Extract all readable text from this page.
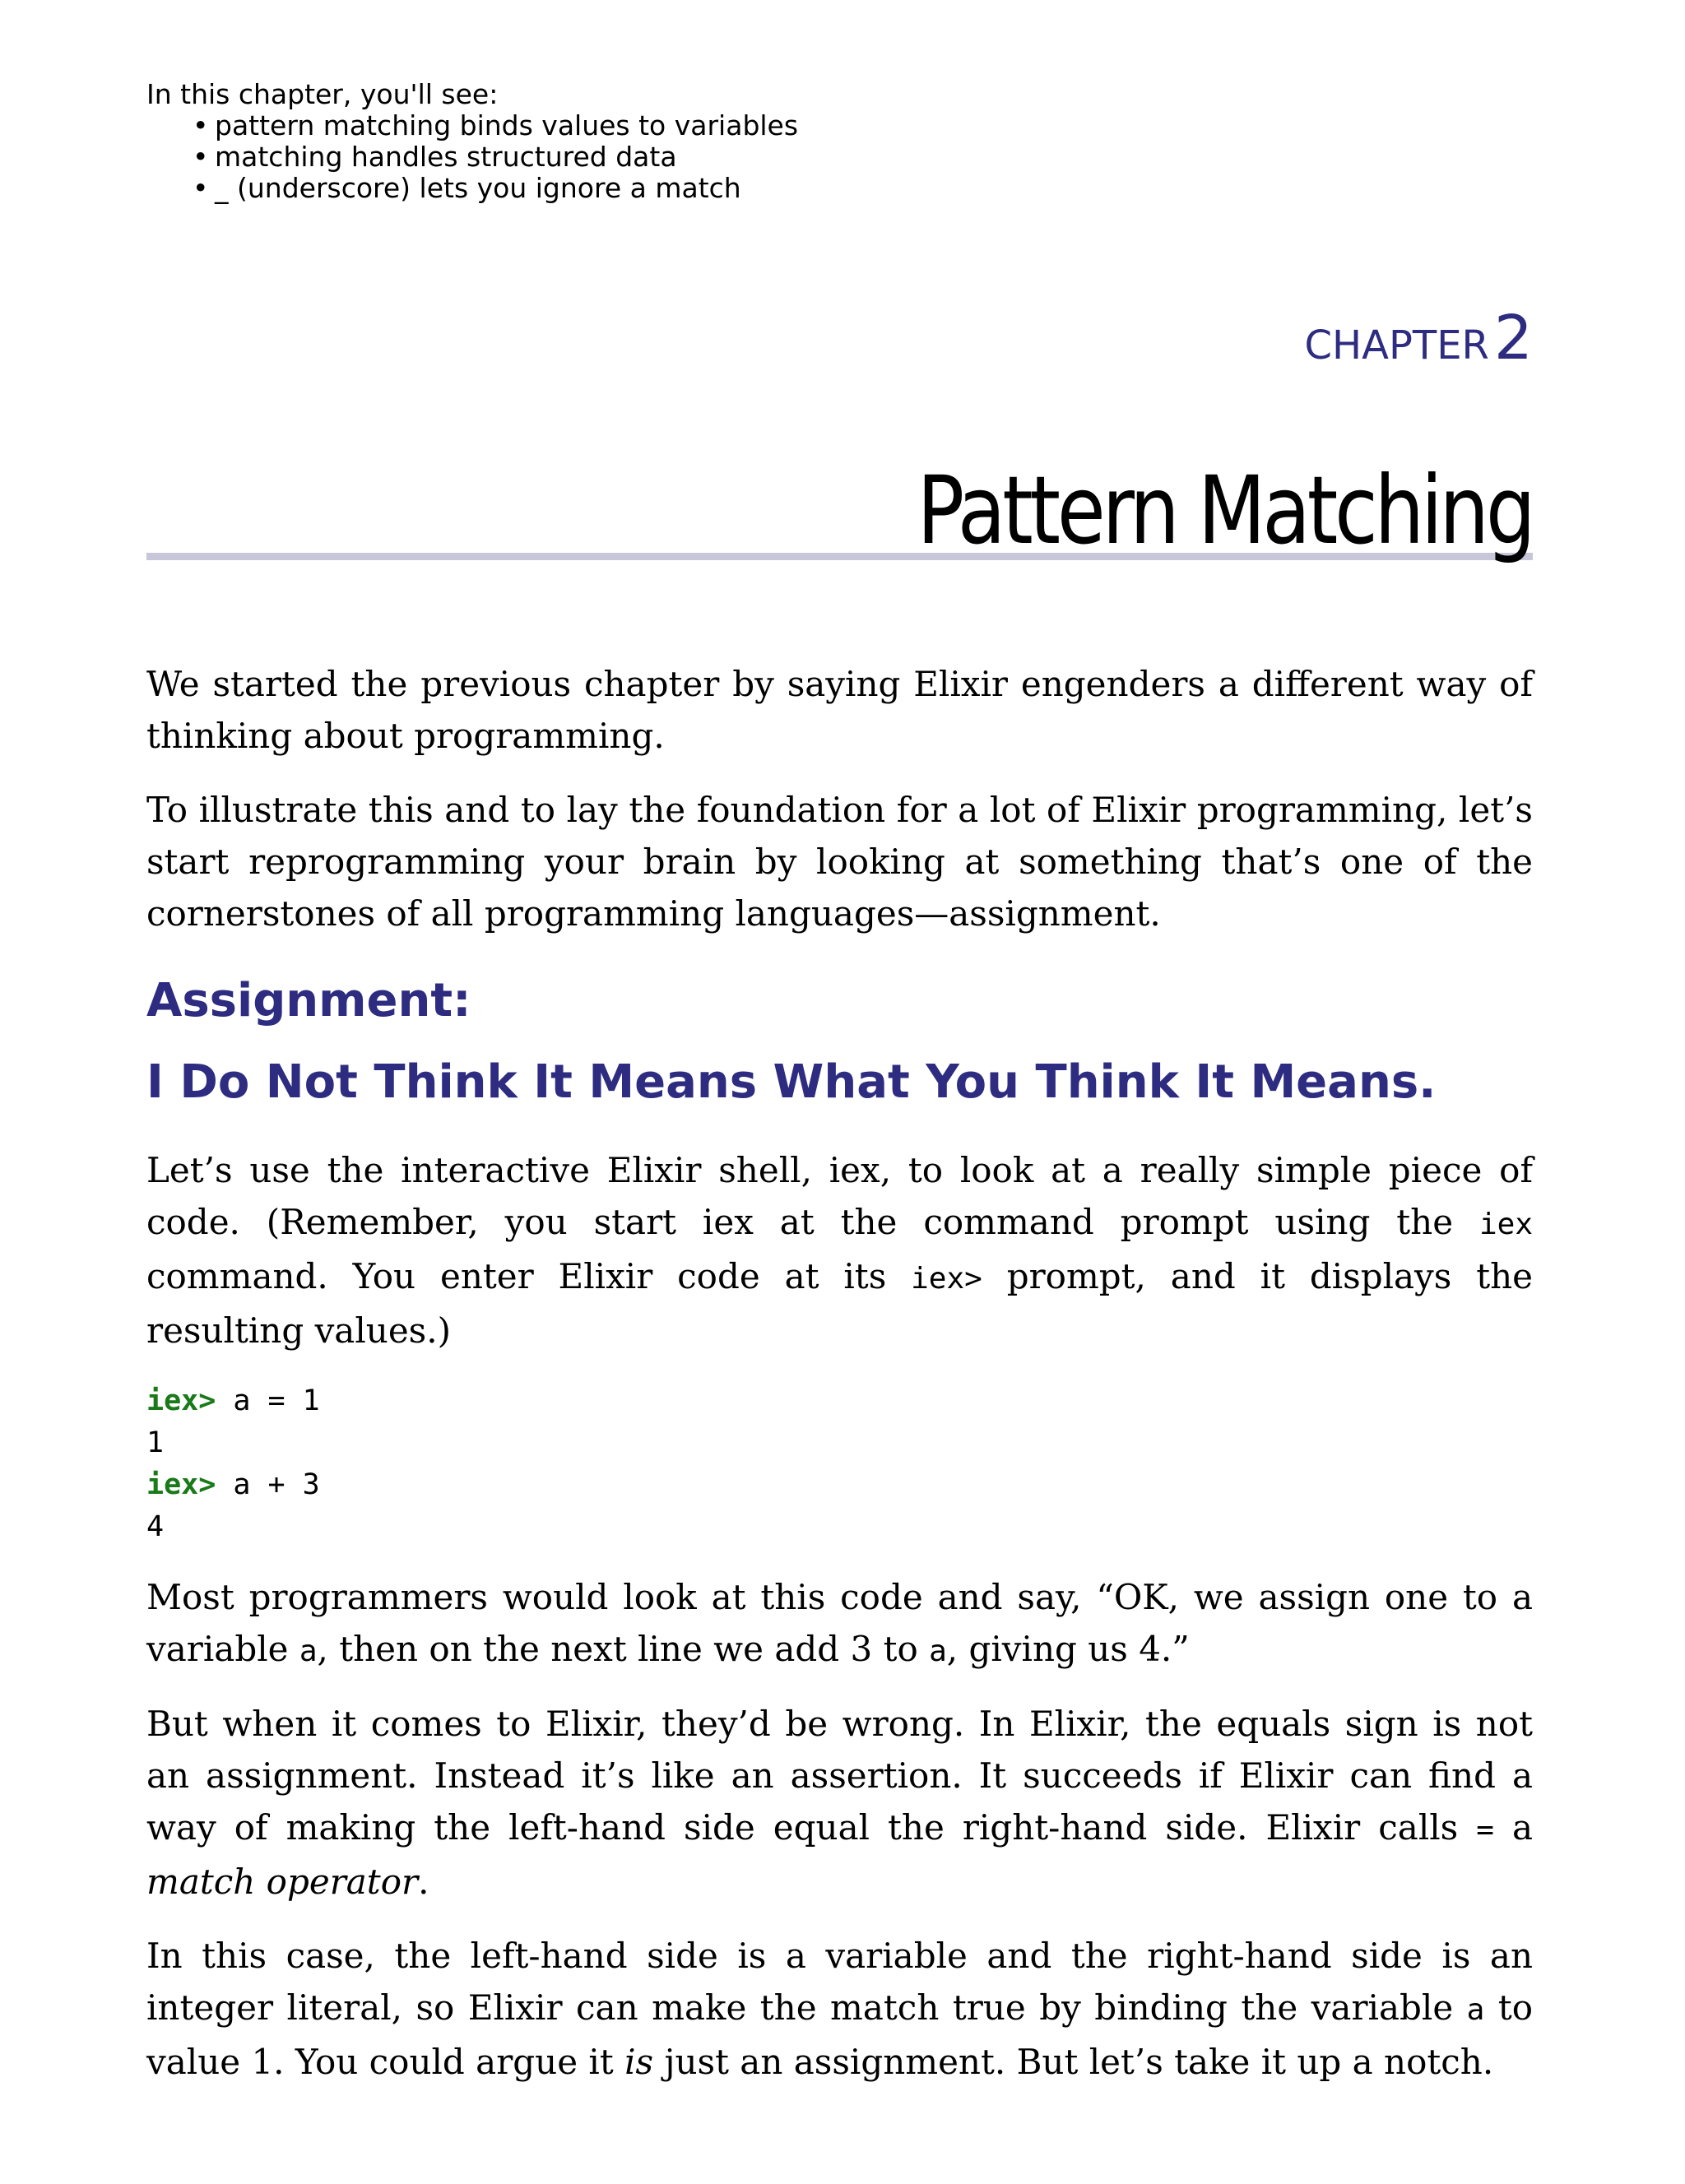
In this chapter, you'll see:
• pattern matching binds values to variables
• matching handles structured data
• _ (underscore) lets you ignore a match
CHAPTER2
Pattern Matching

We started the previous chapter by saying Elixir engenders a different way of thinking about programming.

To illustrate this and to lay the foundation for a lot of Elixir programming, let’s start reprogramming your brain by looking at something that’s one of the cornerstones of all programming languages—assignment.

Assignment:
I Do Not Think It Means What You Think It Means.

Let’s use the interactive Elixir shell, iex, to look at a really simple piece of code. (Remember, you start iex at the command prompt using the iex command. You enter Elixir code at its iex> prompt, and it displays the resulting values.)

iex> a = 1
1
iex> a + 3
4

Most programmers would look at this code and say, “OK, we assign one to a variable a, then on the next line we add 3 to a, giving us 4.”

But when it comes to Elixir, they’d be wrong. In Elixir, the equals sign is not an assignment. Instead it’s like an assertion. It succeeds if Elixir can find a way of making the left-hand side equal the right-hand side. Elixir calls = a match operator.

In this case, the left-hand side is a variable and the right-hand side is an integer literal, so Elixir can make the match true by binding the variable a to value 1. You could argue it is just an assignment. But let’s take it up a notch.
